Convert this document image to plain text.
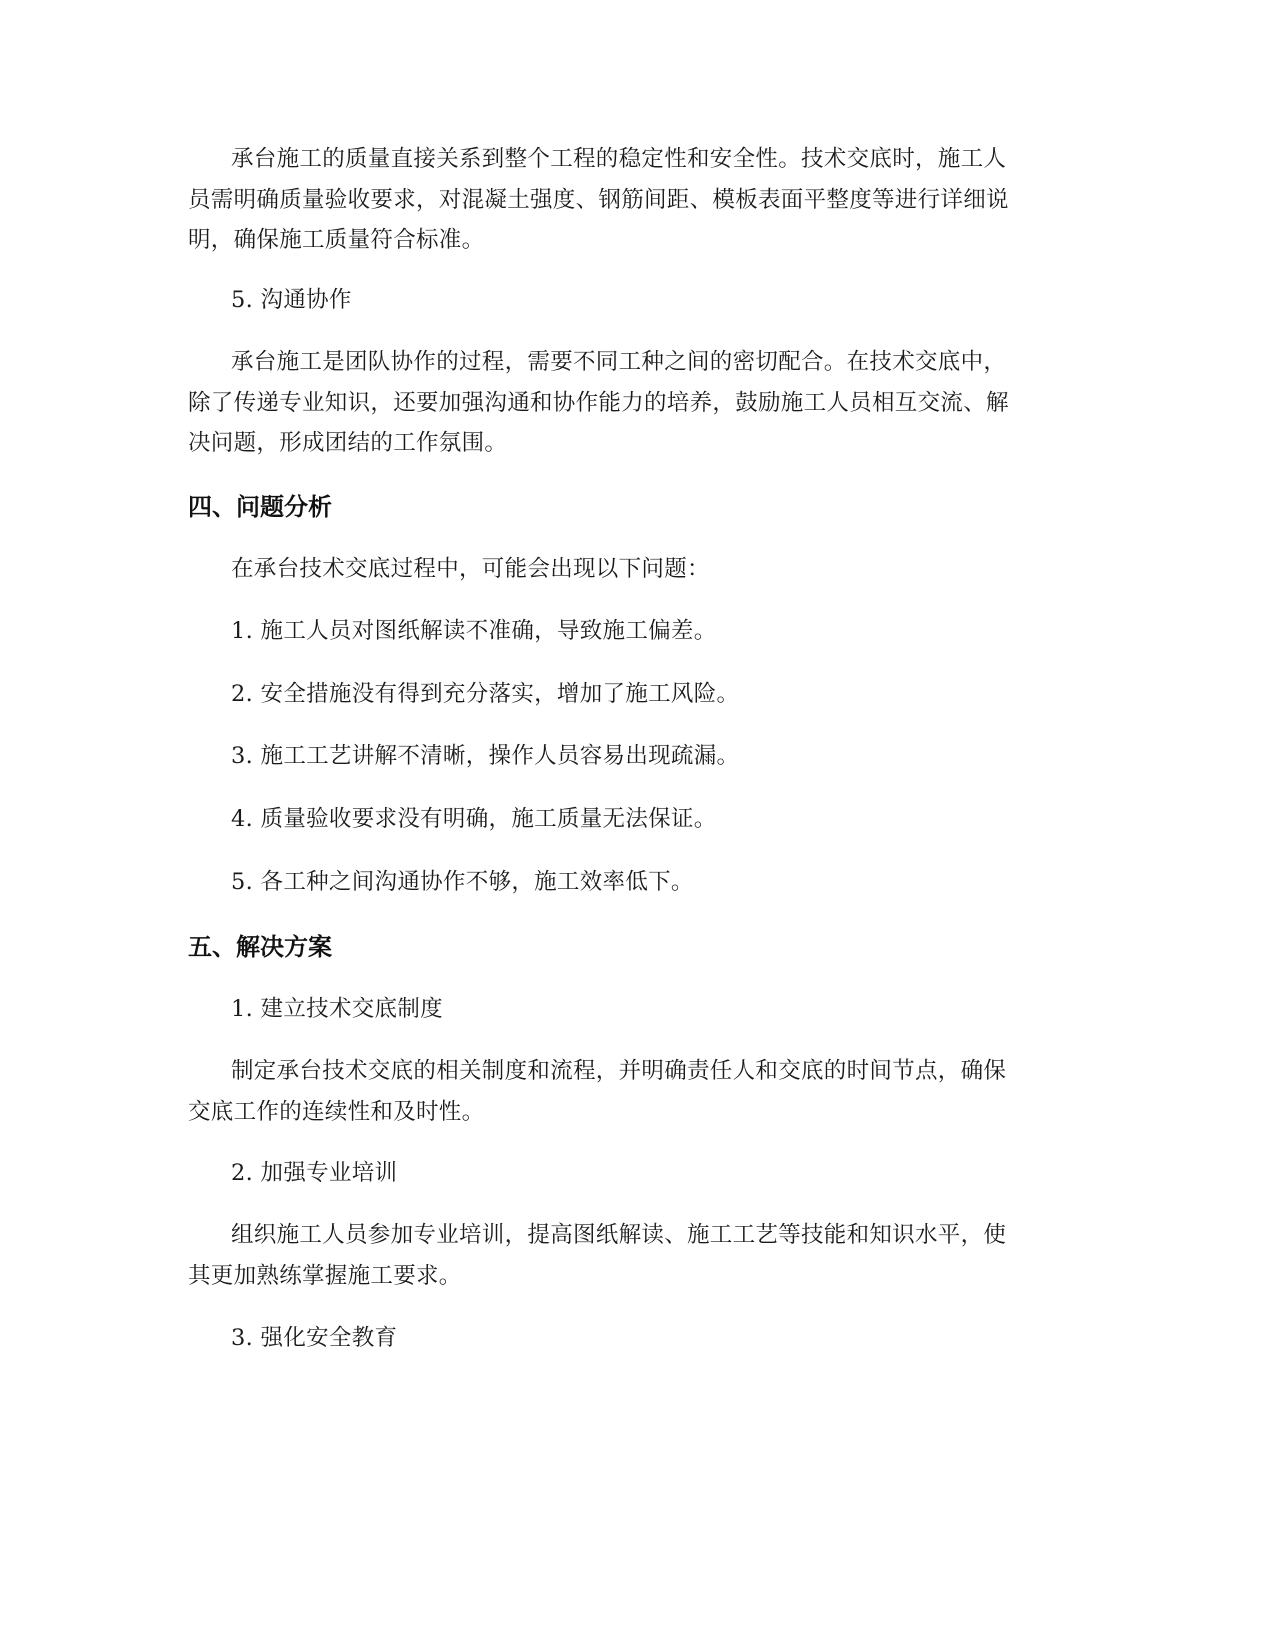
承台施工的质量直接关系到整个工程的稳定性和安全性。技术交底时，施工人
员需明确质量验收要求，对混凝土强度、钢筋间距、模板表面平整度等进行详细说
明，确保施工质量符合标准。
5. 沟通协作
承台施工是团队协作的过程，需要不同工种之间的密切配合。在技术交底中，
除了传递专业知识，还要加强沟通和协作能力的培养，鼓励施工人员相互交流、解
决问题，形成团结的工作氛围。
四、问题分析
在承台技术交底过程中，可能会出现以下问题：
1. 施工人员对图纸解读不准确，导致施工偏差。
2. 安全措施没有得到充分落实，增加了施工风险。
3. 施工工艺讲解不清晰，操作人员容易出现疏漏。
4. 质量验收要求没有明确，施工质量无法保证。
5. 各工种之间沟通协作不够，施工效率低下。
五、解决方案
1. 建立技术交底制度
制定承台技术交底的相关制度和流程，并明确责任人和交底的时间节点，确保
交底工作的连续性和及时性。
2. 加强专业培训
组织施工人员参加专业培训，提高图纸解读、施工工艺等技能和知识水平，使
其更加熟练掌握施工要求。
3. 强化安全教育
